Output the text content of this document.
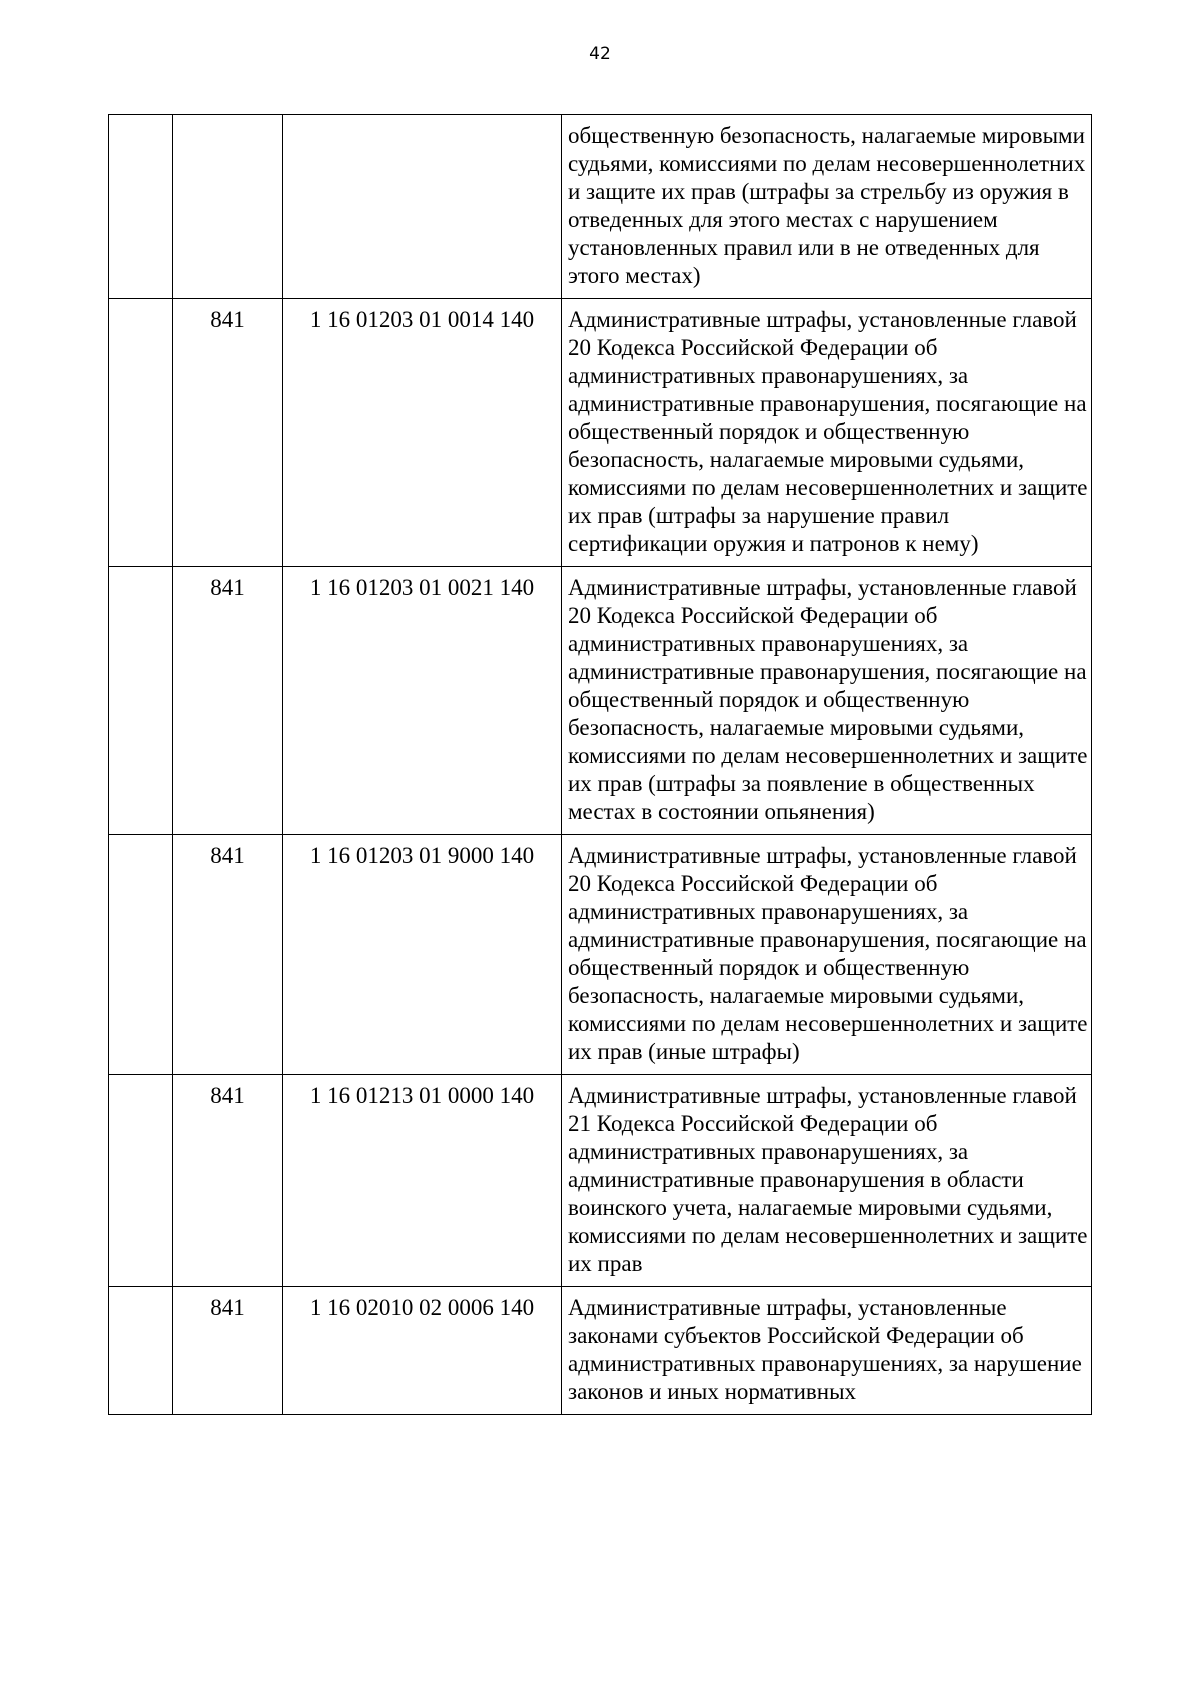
42
			общественную безопасность, налагаемые мировыми судьями, комиссиями по делам несовершеннолетних и защите их прав (штрафы за стрельбу из оружия в отведенных для этого местах с нарушением установленных правил или в не отведенных для этого местах)
	841	1 16 01203 01 0014 140	Административные штрафы, установленные главой 20 Кодекса Российской Федерации об административных правонарушениях, за административные правонарушения, посягающие на общественный порядок и общественную безопасность, налагаемые мировыми судьями, комиссиями по делам несовершеннолетних и защите их прав (штрафы за нарушение правил сертификации оружия и патронов к нему)
	841	1 16 01203 01 0021 140	Административные штрафы, установленные главой 20 Кодекса Российской Федерации об административных правонарушениях, за административные правонарушения, посягающие на общественный порядок и общественную безопасность, налагаемые мировыми судьями, комиссиями по делам несовершеннолетних и защите их прав (штрафы за появление в общественных местах в состоянии опьянения)
	841	1 16 01203 01 9000 140	Административные штрафы, установленные главой 20 Кодекса Российской Федерации об административных правонарушениях, за административные правонарушения, посягающие на общественный порядок и общественную безопасность, налагаемые мировыми судьями, комиссиями по делам несовершеннолетних и защите их прав (иные штрафы)
	841	1 16 01213 01 0000 140	Административные штрафы, установленные главой 21 Кодекса Российской Федерации об административных правонарушениях, за административные правонарушения в области воинского учета, налагаемые мировыми судьями, комиссиями по делам несовершеннолетних и защите их прав
	841	1 16 02010 02 0006 140	Административные штрафы, установленные законами субъектов Российской Федерации об административных правонарушениях, за нарушение законов и иных нормативных
